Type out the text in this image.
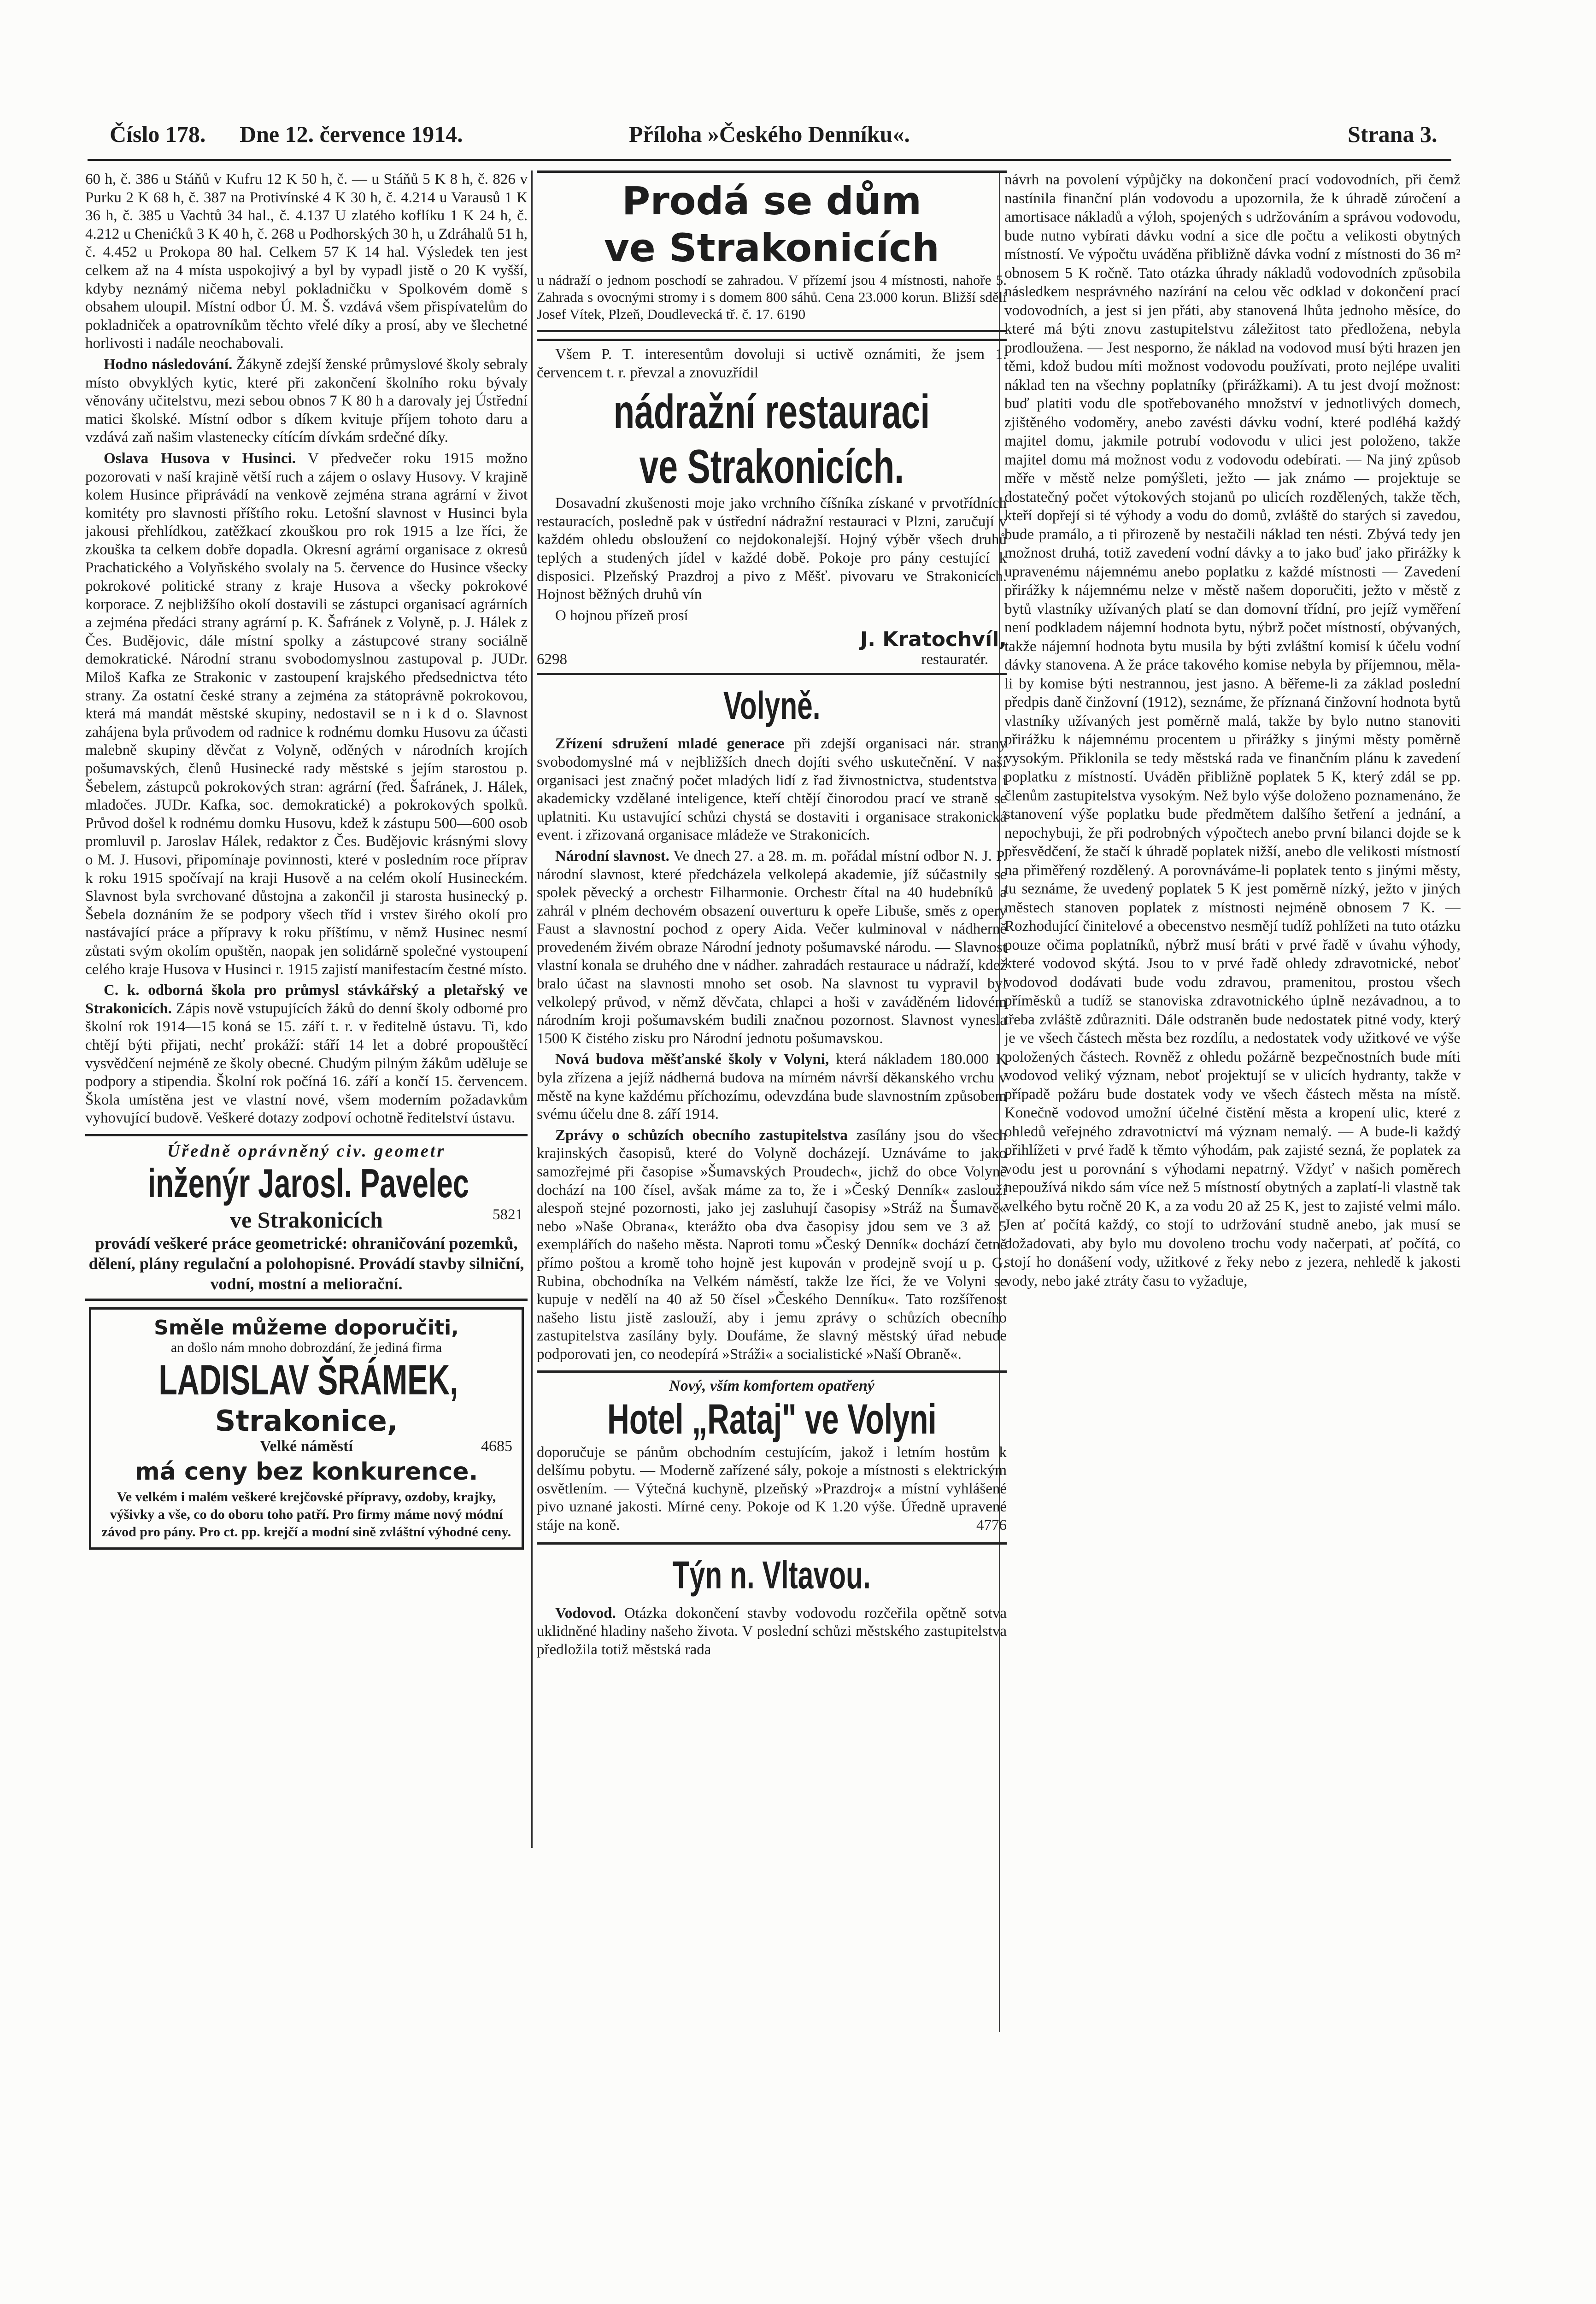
Číslo 178. Dne 12. července 1914.	Příloha »Českého Denníku«.	Strana 3.

60 h, č. 386 u Stáňů v Kufru 12 K 50 h, č. — u Stáňů 5 K 8 h, č. 826 v Purku 2 K 68 h, č. 387 na Protivínské 4 K 30 h, č. 4.214 u Varausů 1 K 36 h, č. 385 u Vachtů 34 hal., č. 4.137 U zlatého koflíku 1 K 24 h, č. 4.212 u Chenićků 3 K 40 h, č. 268 u Podhorských 30 h, u Zdráhalů 51 h, č. 4.452 u Prokopa 80 hal. Celkem 57 K 14 hal. Výsledek ten jest celkem až na 4 místa uspokojivý a byl by vypadl jistě o 20 K vyšší, kdyby neznámý ničema nebyl pokladničku v Spolkovém domě s obsahem uloupil. Místní odbor Ú. M. Š. vzdává všem přispívatelům do pokladniček a opatrovníkům těchto vřelé díky a prosí, aby ve šlechetné horlivosti i nadále neochabovali.

Hodno následování. Žákyně zdejší ženské průmyslové školy sebraly místo obvyklých kytic, které při zakončení školního roku bývaly věnovány učitelstvu, mezi sebou obnos 7 K 80 h a darovaly jej Ústřední matici školské. Místní odbor s díkem kvituje příjem tohoto daru a vzdává zaň našim vlastenecky cítícím dívkám srdečné díky.

Oslava Husova v Husinci. V předvečer roku 1915 možno pozorovati v naší krajině větší ruch a zájem o oslavy Husovy. V krajině kolem Husince připrávádí na venkově zejména strana agrární v život komitéty pro slavnosti příštího roku. Letošní slavnost v Husinci byla jakousi přehlídkou, zatěžkací zkouškou pro rok 1915 a lze říci, že zkouška ta celkem dobře dopadla. Okresní agrární organisace z okresů Prachatického a Volyňského svolaly na 5. července do Husince všecky pokrokové politické strany z kraje Husova a všecky pokrokové korporace. Z nejbližšího okolí dostavili se zástupci organisací agrárních a zejména předáci strany agrární p. K. Šafránek z Volyně, p. J. Hálek z Čes. Budějovic, dále místní spolky a zástupcové strany sociálně demokratické. Národní stranu svobodomyslnou zastupoval p. JUDr. Miloš Kafka ze Strakonic v zastoupení krajského předsednictva této strany. Za ostatní české strany a zejména za státoprávně pokrokovou, která má mandát městské skupiny, nedostavil se n i k d o. Slavnost zahájena byla průvodem od radnice k rodnému domku Husovu za účasti malebně skupiny děvčat z Volyně, oděných v národních krojích pošumavských, členů Husinecké rady městské s jejím starostou p. Šebelem, zástupců pokrokových stran: agrární (řed. Šafránek, J. Hálek, mladočes. JUDr. Kafka, soc. demokratické) a pokrokových spolků. Průvod došel k rodnému domku Husovu, kdež k zástupu 500—600 osob promluvil p. Jaroslav Hálek, redaktor z Čes. Budějovic krásnými slovy o M. J. Husovi, připomínaje povinnosti, které v posledním roce příprav k roku 1915 spočívají na kraji Husově a na celém okolí Husineckém. Slavnost byla svrchované důstojna a zakončil ji starosta husinecký p. Šebela doznáním že se podpory všech tříd i vrstev širého okolí pro nastávající práce a přípravy k roku příštímu, v němž Husinec nesmí zůstati svým okolím opuštěn, naopak jen solidárně společné vystoupení celého kraje Husova v Husinci r. 1915 zajistí manifestacím čestné místo.

C. k. odborná škola pro průmysl stávkářský a pletařský ve Strakonicích. Zápis nově vstupujících žáků do denní školy odborné pro školní rok 1914—15 koná se 15. září t. r. v ředitelně ústavu. Ti, kdo chtějí býti přijati, nechť prokáží: stáří 14 let a dobré propouštěcí vysvědčení nejméně ze školy obecné. Chudým pilným žákům uděluje se podpory a stipendia. Školní rok počíná 16. září a končí 15. červencem. Škola umístěna jest ve vlastní nové, všem moderním požadavkům vyhovující budově. Veškeré dotazy zodpoví ochotně ředitelství ústavu.

Úředně oprávněný civ. geometr
inženýr Jarosl. Pavelec
ve Strakonicích	5821
provádí veškeré práce geometrické: ohraničování pozemků, dělení, plány regulační a polohopisné. Provádí stavby silniční, vodní, mostní a meliorační.
Směle můžeme doporučiti,
an došlo nám mnoho dobrozdání, že jediná firma
LADISLAV ŠRÁMEK,
Strakonice,
Velké náměstí	4685
má ceny bez konkurence.
Ve velkém i malém veškeré krejčovské přípravy, ozdoby, krajky, výšivky a vše, co do oboru toho patří. Pro firmy máme nový módní závod pro pány. Pro ct. pp. krejčí a modní sině zvláštní výhodné ceny.
Prodá se dům
ve Strakonicích

u nádraží o jednom poschodí se zahradou. V přízemí jsou 4 místnosti, nahoře 5. Zahrada s ovocnými stromy i s domem 800 sáhů. Cena 23.000 korun. Bližší sdělí Josef Vítek, Plzeň, Doudlevecká tř. č. 17. 6190

Všem P. T. interesentům dovoluji si uctivě oznámiti, že jsem 1. červencem t. r. převzal a znovuzřídil

nádražní restauraci
ve Strakonicích.

Dosavadní zkušenosti moje jako vrchního číšníka získané v prvotřídních restauracích, posledně pak v ústřední nádražní restauraci v Plzni, zaručují v každém ohledu obsloužení co nejdokonalejší. Hojný výběr všech druhů teplých a studených jídel v každé době. Pokoje pro pány cestující k disposici. Plzeňský Prazdroj a pivo z Měšť. pivovaru ve Strakonicích. Hojnost běžných druhů vín

O hojnou přízeň prosí

6298
J. Kratochvíl,
restauratér.
Volyně.

Zřízení sdružení mladé generace při zdejší organisaci nár. strany svobodomyslné má v nejbližších dnech dojíti svého uskutečnění. V naší organisaci jest značný počet mladých lidí z řad živnostnictva, studentstva i akademicky vzdělané inteligence, kteří chtějí činorodou prací ve straně se uplatniti. Ku ustavující schůzi chystá se dostaviti i organisace strakonická event. i zřizovaná organisace mládeže ve Strakonicích.

Národní slavnost. Ve dnech 27. a 28. m. m. pořádal místní odbor N. J. P. národní slavnost, které předcházela velkolepá akademie, jíž súčastnily se spolek pěvecký a orchestr Filharmonie. Orchestr čítal na 40 hudebníků a zahrál v plném dechovém obsazení ouverturu k opeře Libuše, směs z opery Faust a slavnostní pochod z opery Aida. Večer kulminoval v nádherně provedeném živém obraze Národní jednoty pošumavské národu. — Slavnost vlastní konala se druhého dne v nádher. zahradách restaurace u nádraží, kdež bralo účast na slavnosti mnoho set osob. Na slavnost tu vypravil byl velkolepý průvod, v němž děvčata, chlapci a hoši v zaváděném lidovém národním kroji pošumavském budili značnou pozornost. Slavnost vynesla 1500 K čistého zisku pro Národní jednotu pošumavskou.

Nová budova měšťanské školy v Volyni, která nákladem 180.000 K byla zřízena a jejíž nádherná budova na mírném návrší děkanského vrchu v městě na kyne každému příchozímu, odevzdána bude slavnostním způsobem svému účelu dne 8. září 1914.

Zprávy o schůzích obecního zastupitelstva zasílány jsou do všech krajinských časopisů, které do Volyně docházejí. Uznáváme to jako samozřejmé při časopise »Šumavských Proudech«, jichž do obce Volyně dochází na 100 čísel, avšak máme za to, že i »Český Denník« zaslouží alespoň stejné pozornosti, jako jej zasluhují časopisy »Stráž na Šumavě« nebo »Naše Obrana«, kterážto oba dva časopisy jdou sem ve 3 až 5 exemplářích do našeho města. Naproti tomu »Český Denník« dochází četně přímo poštou a kromě toho hojně jest kupován v prodejně svojí u p. G. Rubina, obchodníka na Velkém náměstí, takže lze říci, že ve Volyni se kupuje v nedělí na 40 až 50 čísel »Českého Denníku«. Tato rozšířenost našeho listu jistě zaslouží, aby i jemu zprávy o schůzích obecního zastupitelstva zasílány byly. Doufáme, že slavný městský úřad nebude podporovati jen, co neodepírá »Stráži« a socialistické »Naší Obraně«.

Nový, vším komfortem opatřený
Hotel „Rataj" ve Volyni

doporučuje se pánům obchodním cestujícím, jakož i letním hostům k delšímu pobytu. — Moderně zařízené sály, pokoje a místnosti s elektrickým osvětlením. — Výtečná kuchyně, plzeňský »Prazdroj« a místní vyhlášené pivo uznané jakosti. Mírné ceny. Pokoje od K 1.20 výše. Úředně upravené stáje na koně.	4776

Týn n. Vltavou.

Vodovod. Otázka dokončení stavby vodovodu rozčeřila opětně sotva uklidněné hladiny našeho života. V poslední schůzi městského zastupitelstva předložila totiž městská rada

návrh na povolení výpůjčky na dokončení prací vodovodních, při čemž nastínila finanční plán vodovodu a upozornila, že k úhradě zúročení a amortisace nákladů a výloh, spojených s udržováním a správou vodovodu, bude nutno vybírati dávku vodní a sice dle počtu a velikosti obytných místností. Ve výpočtu uváděna přibližně dávka vodní z místnosti do 36 m² obnosem 5 K ročně. Tato otázka úhrady nákladů vodovodních způsobila následkem nesprávného nazírání na celou věc odklad v dokončení prací vodovodních, a jest si jen přáti, aby stanovená lhůta jednoho měsíce, do které má býti znovu zastupitelstvu záležitost tato předložena, nebyla prodloužena. — Jest nesporno, že náklad na vodovod musí býti hrazen jen těmi, kdož budou míti možnost vodovodu používati, proto nejlépe uvaliti náklad ten na všechny poplatníky (přirážkami). A tu jest dvojí možnost: buď platiti vodu dle spotřebovaného množství v jednotlivých domech, zjištěného vodoměry, anebo zavésti dávku vodní, které podléhá každý majitel domu, jakmile potrubí vodovodu v ulici jest položeno, takže majitel domu má možnost vodu z vodovodu odebírati. — Na jiný způsob měře v městě nelze pomýšleti, ježto — jak známo — projektuje se dostatečný počet výtokových stojanů po ulicích rozdělených, takže těch, kteří dopřejí si té výhody a vodu do domů, zvláště do starých si zavedou, bude pramálo, a ti přirozeně by nestačili náklad ten nésti. Zbývá tedy jen možnost druhá, totiž zavedení vodní dávky a to jako buď jako přirážky k upravenému nájemnému anebo poplatku z každé místnosti — Zavedení přirážky k nájemnému nelze v městě našem doporučiti, ježto v městě z bytů vlastníky užívaných platí se dan domovní třídní, pro jejíž vyměření není podkladem nájemní hodnota bytu, nýbrž počet místností, obývaných, takže nájemní hodnota bytu musila by býti zvláštní komisí k účelu vodní dávky stanovena. A že práce takového komise nebyla by příjemnou, měla-li by komise býti nestrannou, jest jasno. A běřeme-li za základ poslední předpis daně činžovní (1912), seznáme, že příznaná činžovní hodnota bytů vlastníky užívaných jest poměrně malá, takže by bylo nutno stanoviti přirážku k nájemnému procentem u přirážky s jinými městy poměrně vysokým. Přiklonila se tedy městská rada ve finančním plánu k zavedení poplatku z místností. Uváděn přibližně poplatek 5 K, který zdál se pp. členům zastupitelstva vysokým. Než bylo výše doloženo poznamenáno, že stanovení výše poplatku bude předmětem dalšího šetření a jednání, a nepochybuji, že při podrobných výpočtech anebo první bilanci dojde se k přesvědčení, že stačí k úhradě poplatek nižší, anebo dle velikosti místností na přiměřený rozdělený. A porovnáváme-li poplatek tento s jinými městy, tu seznáme, že uvedený poplatek 5 K jest poměrně nízký, ježto v jiných městech stanoven poplatek z místnosti nejméně obnosem 7 K. — Rozhodující činitelové a obecenstvo nesmějí tudíž pohlížeti na tuto otázku pouze očima poplatníků, nýbrž musí bráti v prvé řadě v úvahu výhody, které vodovod skýtá. Jsou to v prvé řadě ohledy zdravotnické, neboť vodovod dodávati bude vodu zdravou, pramenitou, prostou všech příměsků a tudíž se stanoviska zdravotnického úplně nezávadnou, a to třeba zvláště zdůrazniti. Dále odstraněn bude nedostatek pitné vody, který je ve všech částech města bez rozdílu, a nedostatek vody užitkové ve výše položených částech. Rovněž z ohledu požárně bezpečnostních bude míti vodovod veliký význam, neboť projektují se v ulicích hydranty, takže v případě požáru bude dostatek vody ve všech částech města na místě. Konečně vodovod umožní účelné čistění města a kropení ulic, které z ohledů veřejného zdravotnictví má význam nemalý. — A bude-li každý přihlížeti v prvé řadě k těmto výhodám, pak zajisté sezná, že poplatek za vodu jest u porovnání s výhodami nepatrný. Vždyť v našich poměrech nepoužívá nikdo sám více než 5 místností obytných a zaplatí-li vlastně tak velkého bytu ročně 20 K, a za vodu 20 až 25 K, jest to zajisté velmi málo. Jen ať počítá každý, co stojí to udržování studně anebo, jak musí se dožadovati, aby bylo mu dovoleno trochu vody načerpati, ať počítá, co stojí ho donášení vody, užitkové z řeky nebo z jezera, nehledě k jakosti vody, nebo jaké ztráty času to vyžaduje,
